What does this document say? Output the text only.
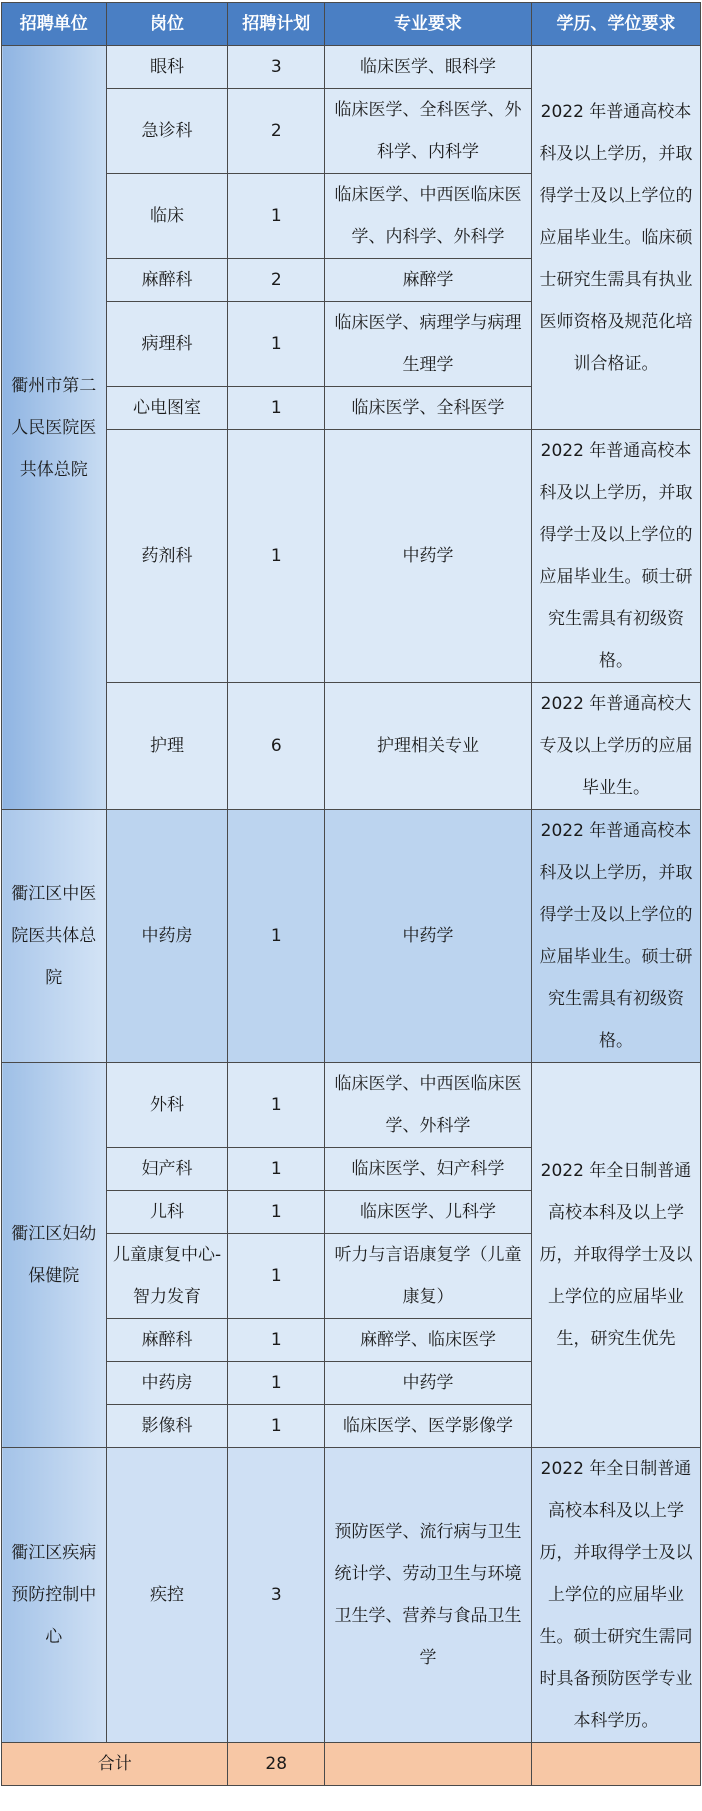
招聘单位	岗位	招聘计划	专业要求	学历、学位要求
衢州市第二人民医院医共体总院	眼科	3	临床医学、眼科学	2022 年普通高校本科及以上学历，并取得学士及以上学位的应届毕业生。临床硕士研究生需具有执业医师资格及规范化培训合格证。
	急诊科	2	临床医学、全科医学、外科学、内科学	
	临床	1	临床医学、中西医临床医学、内科学、外科学	
	麻醉科	2	麻醉学	
	病理科	1	临床医学、病理学与病理生理学	
	心电图室	1	临床医学、全科医学	
	药剂科	1	中药学	2022 年普通高校本科及以上学历，并取得学士及以上学位的应届毕业生。硕士研究生需具有初级资格。
	护理	6	护理相关专业	2022 年普通高校大专及以上学历的应届毕业生。
衢江区中医院医共体总院	中药房	1	中药学	2022 年普通高校本科及以上学历，并取得学士及以上学位的应届毕业生。硕士研究生需具有初级资格。
衢江区妇幼保健院	外科	1	临床医学、中西医临床医学、外科学	2022 年全日制普通高校本科及以上学历，并取得学士及以上学位的应届毕业生，研究生优先
	妇产科	1	临床医学、妇产科学	
	儿科	1	临床医学、儿科学	
	儿童康复中心-智力发育	1	听力与言语康复学（儿童康复）	
	麻醉科	1	麻醉学、临床医学	
	中药房	1	中药学	
	影像科	1	临床医学、医学影像学	
衢江区疾病预防控制中心	疾控	3	预防医学、流行病与卫生统计学、劳动卫生与环境卫生学、营养与食品卫生学	2022 年全日制普通高校本科及以上学历，并取得学士及以上学位的应届毕业生。硕士研究生需同时具备预防医学专业本科学历。
合计		28		
